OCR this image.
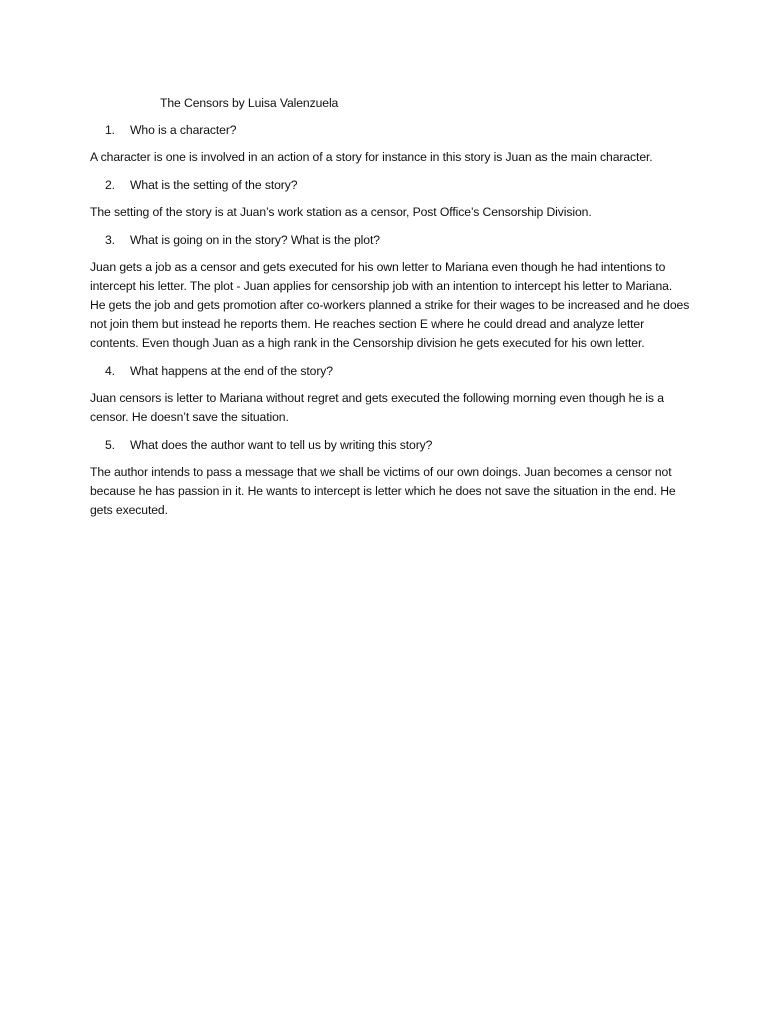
The Censors by Luisa Valenzuela
1.	Who is a character?
A character is one is involved in an action of a story for instance in this story is Juan as the main character.
2.	What is the setting of the story?
The setting of the story is at Juan’s work station as a censor, Post Office’s Censorship Division.
3.	What is going on in the story? What is the plot?
Juan gets a job as a censor and gets executed for his own letter to Mariana even though he had intentions to intercept his letter. The plot - Juan applies for censorship job with an intention to intercept his letter to Mariana. He gets the job and gets promotion after co-workers planned a strike for their wages to be increased and he does not join them but instead he reports them. He reaches section E where he could dread and analyze letter contents. Even though Juan as a high rank in the Censorship division he gets executed for his own letter.
4.	What happens at the end of the story?
Juan censors is letter to Mariana without regret and gets executed the following morning even though he is a censor. He doesn’t save the situation.
5.	What does the author want to tell us by writing this story?
The author intends to pass a message that we shall be victims of our own doings. Juan becomes a censor not because he has passion in it. He wants to intercept is letter which he does not save the situation in the end. He gets executed.
